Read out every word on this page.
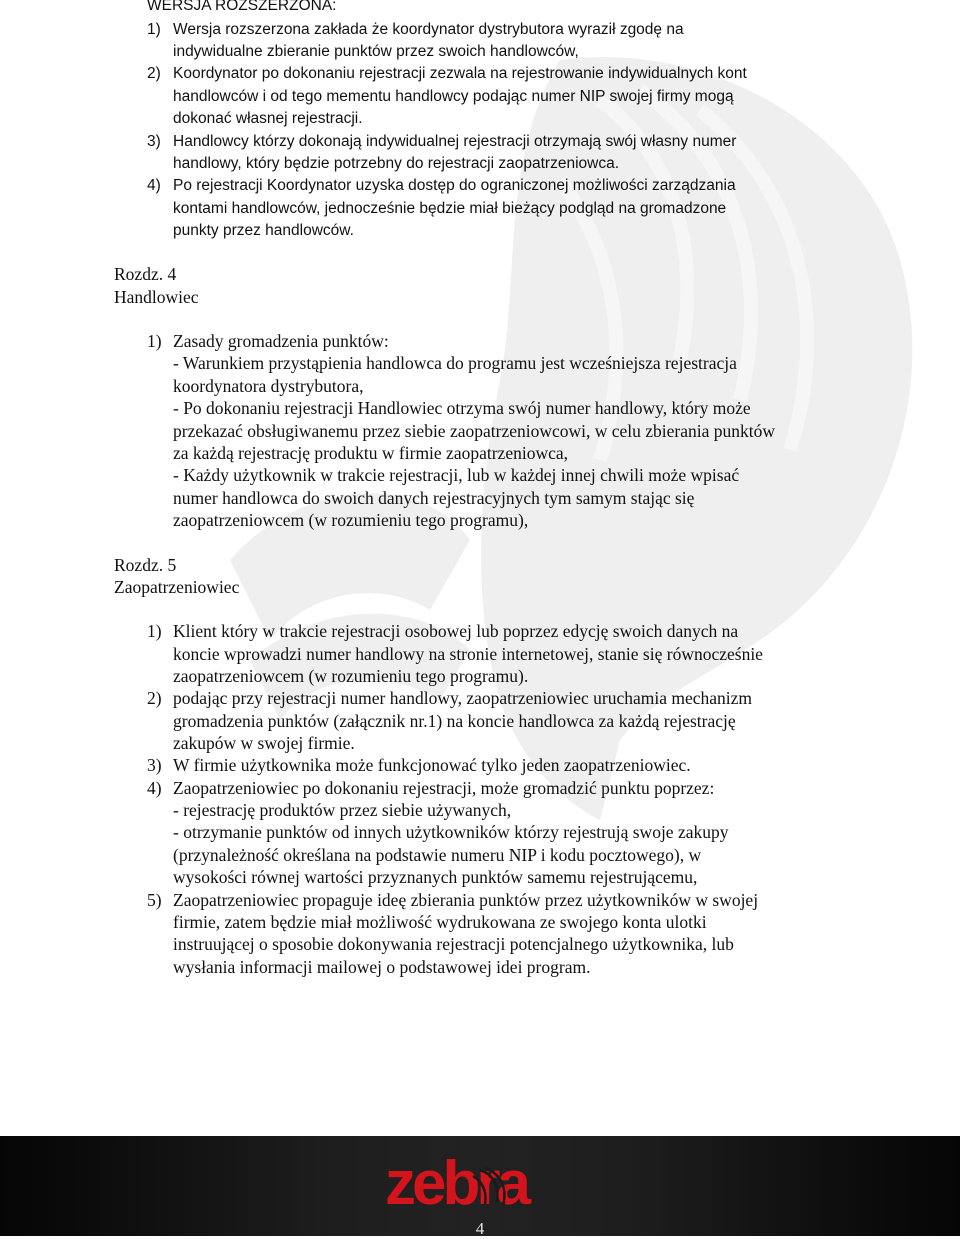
WERSJA ROZSZERZONA:
1) Wersja rozszerzona zakłada że koordynator dystrybutora wyraził zgodę na
indywidualne zbieranie punktów przez swoich handlowców,
2) Koordynator po dokonaniu rejestracji zezwala na rejestrowanie indywidualnych kont
handlowców i od tego mementu handlowcy podając numer NIP swojej firmy mogą
dokonać własnej rejestracji.
3) Handlowcy którzy dokonają indywidualnej rejestracji otrzymają swój własny numer
handlowy, który będzie potrzebny do rejestracji zaopatrzeniowca.
4) Po rejestracji Koordynator uzyska dostęp do ograniczonej możliwości zarządzania
kontami handlowców, jednocześnie będzie miał bieżący podgląd na gromadzone
punkty przez handlowców.
Rozdz. 4
Handlowiec
1) Zasady gromadzenia punktów:
- Warunkiem przystąpienia handlowca do programu jest wcześniejsza rejestracja
koordynatora dystrybutora,
- Po dokonaniu rejestracji Handlowiec otrzyma swój numer handlowy, który może
przekazać obsługiwanemu przez siebie zaopatrzeniowcowi, w celu zbierania punktów
za każdą rejestrację produktu w firmie zaopatrzeniowca,
- Każdy użytkownik w trakcie rejestracji, lub w każdej innej chwili może wpisać
numer handlowca do swoich danych rejestracyjnych tym samym stając się
zaopatrzeniowcem (w rozumieniu tego programu),
Rozdz. 5
Zaopatrzeniowiec
1) Klient który w trakcie rejestracji osobowej lub poprzez edycję swoich danych na
koncie wprowadzi numer handlowy na stronie internetowej, stanie się równocześnie
zaopatrzeniowcem (w rozumieniu tego programu).
2) podając przy rejestracji numer handlowy, zaopatrzeniowiec uruchamia mechanizm
gromadzenia punktów (załącznik nr.1) na koncie handlowca za każdą rejestrację
zakupów w swojej firmie.
3) W firmie użytkownika może funkcjonować tylko jeden zaopatrzeniowiec.
4) Zaopatrzeniowiec po dokonaniu rejestracji, może gromadzić punktu poprzez:
- rejestrację produktów przez siebie używanych,
- otrzymanie punktów od innych użytkowników którzy rejestrują swoje zakupy
(przynależność określana na podstawie numeru NIP i kodu pocztowego), w
wysokości równej wartości przyznanych punktów samemu rejestrującemu,
5) Zaopatrzeniowiec propaguje ideę zbierania punktów przez użytkowników w swojej
firmie, zatem będzie miał możliwość wydrukowana ze swojego konta ulotki
instruującej o sposobie dokonywania rejestracji potencjalnego użytkownika, lub
wysłania informacji mailowej o podstawowej idei program.
zebra
4
